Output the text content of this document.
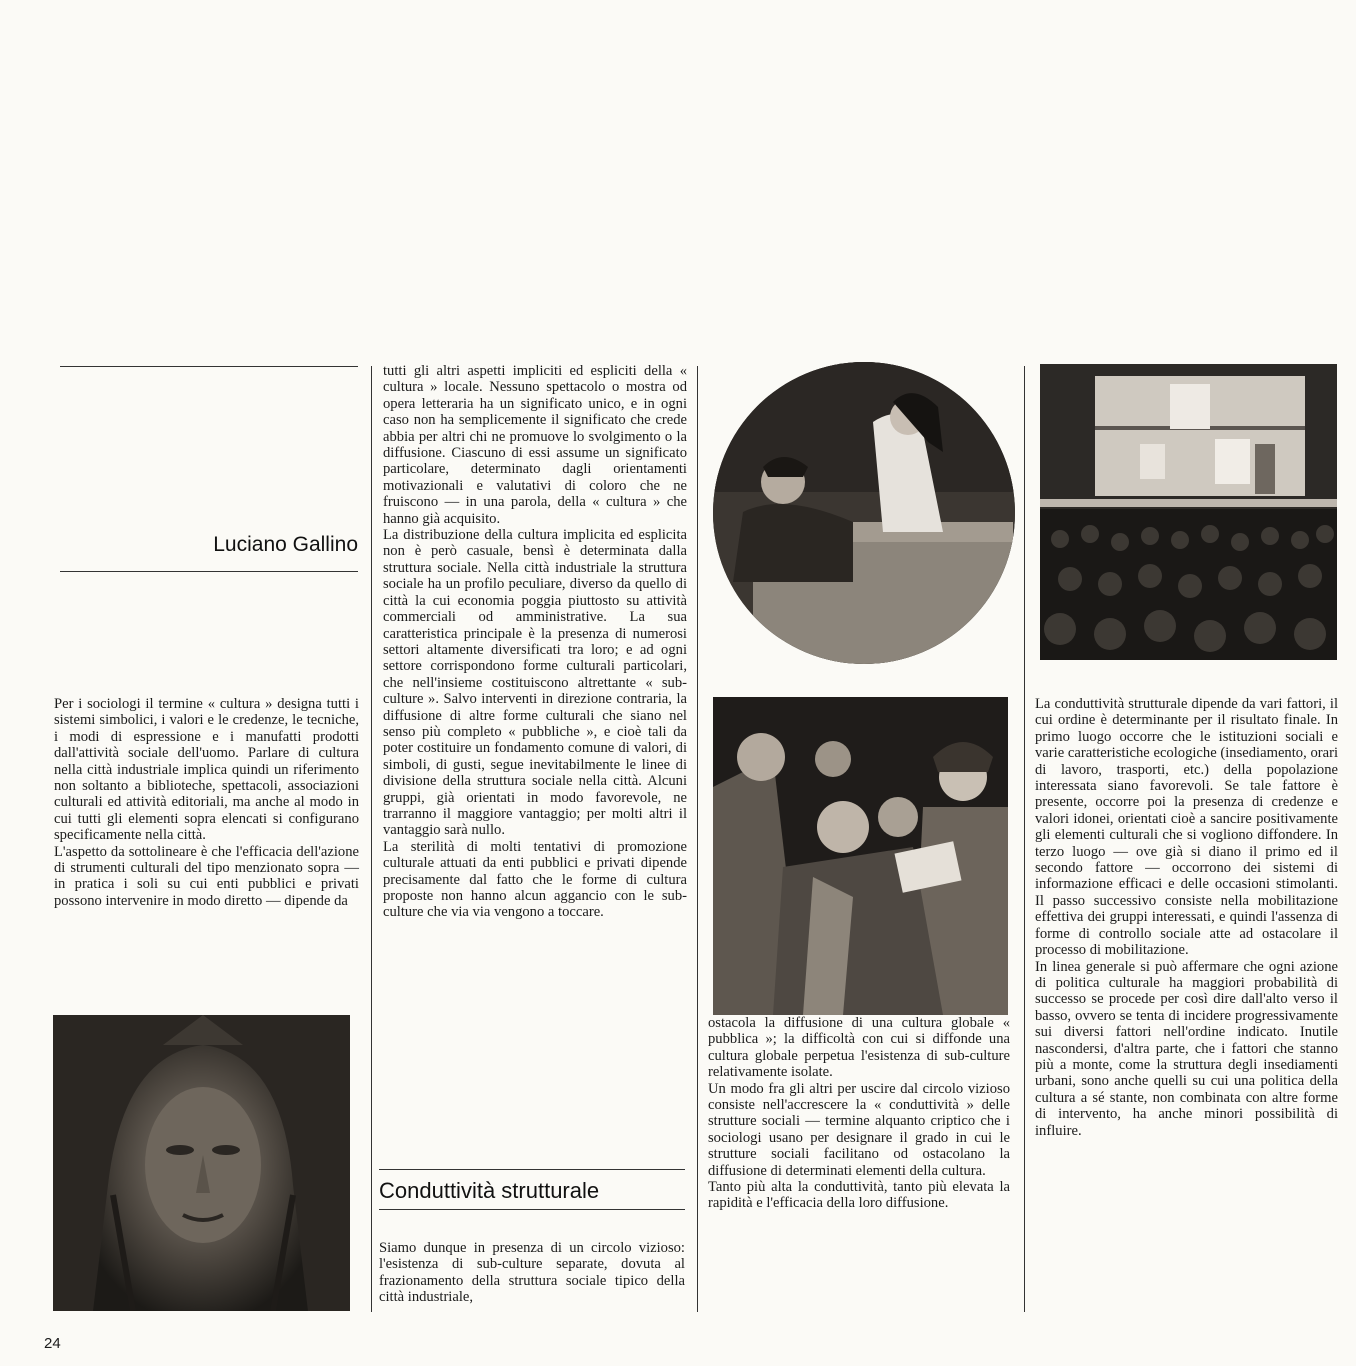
Luciano Gallino

Per i sociologi il termine « cultura » designa tutti i sistemi simbolici, i valori e le credenze, le tecniche, i modi di espressione e i manufatti prodotti dall'attività sociale dell'uomo. Parlare di cultura nella città industriale implica quindi un riferimento non soltanto a biblioteche, spettacoli, associazioni culturali ed attività editoriali, ma anche al modo in cui tutti gli elementi sopra elencati si configurano specificamente nella città.

L'aspetto da sottolineare è che l'efficacia dell'azione di strumenti culturali del tipo menzionato sopra — in pratica i soli su cui enti pubblici e privati possono intervenire in modo diretto — dipende da

tutti gli altri aspetti impliciti ed espliciti della « cultura » locale. Nessuno spettacolo o mostra od opera letteraria ha un significato unico, e in ogni caso non ha semplicemente il significato che crede abbia per altri chi ne promuove lo svolgimento o la diffusione. Ciascuno di essi assume un significato particolare, determinato dagli orientamenti motivazionali e valutativi di coloro che ne fruiscono — in una parola, della « cultura » che hanno già acquisito.

La distribuzione della cultura implicita ed esplicita non è però casuale, bensì è determinata dalla struttura sociale. Nella città industriale la struttura sociale ha un profilo peculiare, diverso da quello di città la cui economia poggia piuttosto su attività commerciali od amministrative. La sua caratteristica principale è la presenza di numerosi settori altamente diversificati tra loro; e ad ogni settore corrispondono forme culturali particolari, che nell'insieme costituiscono altrettante « sub-culture ». Salvo interventi in direzione contraria, la diffusione di altre forme culturali che siano nel senso più completo « pubbliche », e cioè tali da poter costituire un fondamento comune di valori, di simboli, di gusti, segue inevitabilmente le linee di divisione della struttura sociale nella città. Alcuni gruppi, già orientati in modo favorevole, ne trarranno il maggiore vantaggio; per molti altri il vantaggio sarà nullo.

La sterilità di molti tentativi di promozione culturale attuati da enti pubblici e privati dipende precisamente dal fatto che le forme di cultura proposte non hanno alcun aggancio con le sub-culture che via via vengono a toccare.

Conduttività strutturale

Siamo dunque in presenza di un circolo vizioso: l'esistenza di sub-culture separate, dovuta al frazionamento della struttura sociale tipico della città industriale,

ostacola la diffusione di una cultura globale « pubblica »; la difficoltà con cui si diffonde una cultura globale perpetua l'esistenza di sub-culture relativamente isolate.

Un modo fra gli altri per uscire dal circolo vizioso consiste nell'accrescere la « conduttività » delle strutture sociali — termine alquanto criptico che i sociologi usano per designare il grado in cui le strutture sociali facilitano od ostacolano la diffusione di determinati elementi della cultura.

Tanto più alta la conduttività, tanto più elevata la rapidità e l'efficacia della loro diffusione.

La conduttività strutturale dipende da vari fattori, il cui ordine è determinante per il risultato finale. In primo luogo occorre che le istituzioni sociali e varie caratteristiche ecologiche (insediamento, orari di lavoro, trasporti, etc.) della popolazione interessata siano favorevoli. Se tale fattore è presente, occorre poi la presenza di credenze e valori idonei, orientati cioè a sancire positivamente gli elementi culturali che si vogliono diffondere. In terzo luogo — ove già si diano il primo ed il secondo fattore — occorrono dei sistemi di informazione efficaci e delle occasioni stimolanti. Il passo successivo consiste nella mobilitazione effettiva dei gruppi interessati, e quindi l'assenza di forme di controllo sociale atte ad ostacolare il processo di mobilitazione.

In linea generale si può affermare che ogni azione di politica culturale ha maggiori probabilità di successo se procede per così dire dall'alto verso il basso, ovvero se tenta di incidere progressivamente sui diversi fattori nell'ordine indicato. Inutile nascondersi, d'altra parte, che i fattori che stanno più a monte, come la struttura degli insediamenti urbani, sono anche quelli su cui una politica della cultura a sé stante, non combinata con altre forme di intervento, ha anche minori possibilità di influire.

24
